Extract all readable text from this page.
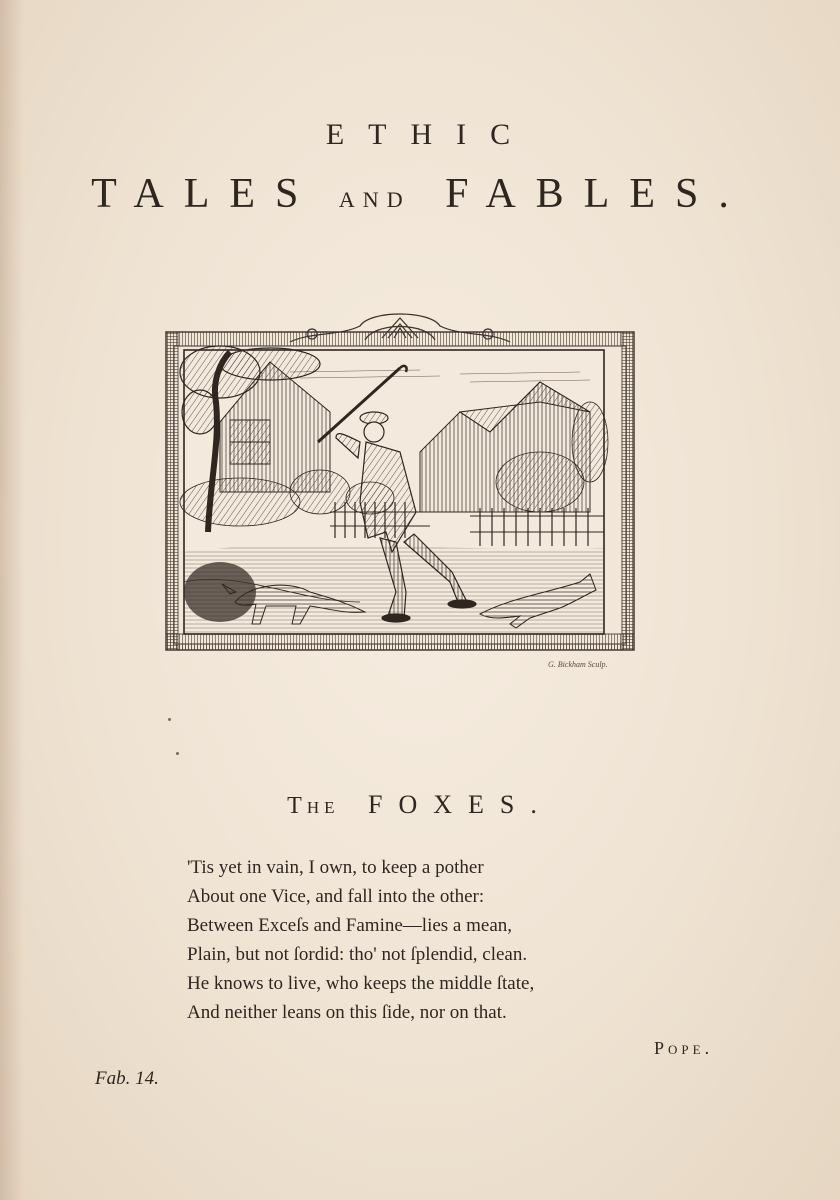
ETHIC
TALES AND FABLES.
G. Bickham Sculp.
The FOXES.
'Tis yet in vain, I own, to keep a pother
About one Vice, and fall into the other:
Between Exceſs and Famine—lies a mean,
Plain, but not ſordid: tho' not ſplendid, clean.
He knows to live, who keeps the middle ſtate,
And neither leans on this ſide, nor on that.
Pope.
Fab. 14.
